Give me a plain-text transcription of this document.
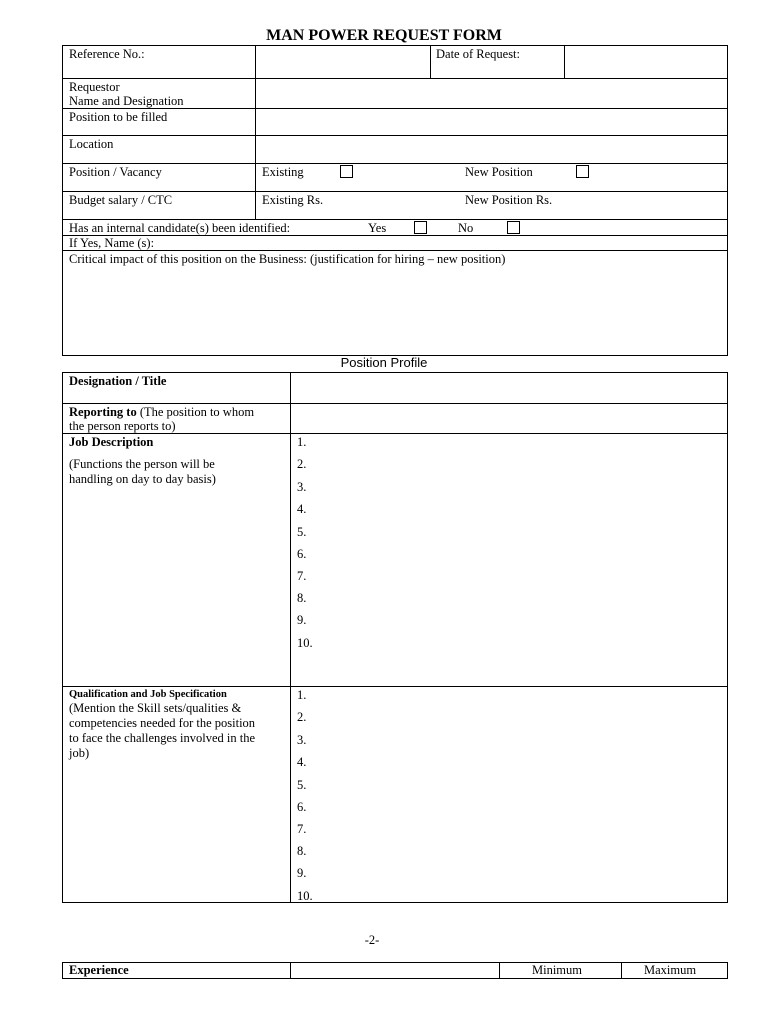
MAN POWER REQUEST FORM
Reference No.:	Date of Request:
Requestor
Name and Designation
Position to be filled
Location
Position / Vacancy	Existing	New Position
Budget salary / CTC	Existing Rs.	New Position Rs.
Has an internal candidate(s) been identified:	Yes	No
If Yes, Name (s):
Critical impact of this position on the Business: (justification for hiring – new position)
Position Profile
Designation / Title
Reporting to (The position to whom
the person reports to)
Job Description
(Functions the person will be
handling on day to day basis)
1.
2.
3.
4.
5.
6.
7.
8.
9.
10.
Qualification and Job Specification
(Mention the Skill sets/qualities &
competencies needed for the position
to face the challenges involved in the
job)
1.
2.
3.
4.
5.
6.
7.
8.
9.
10.
-2-
Experience	Minimum	Maximum
